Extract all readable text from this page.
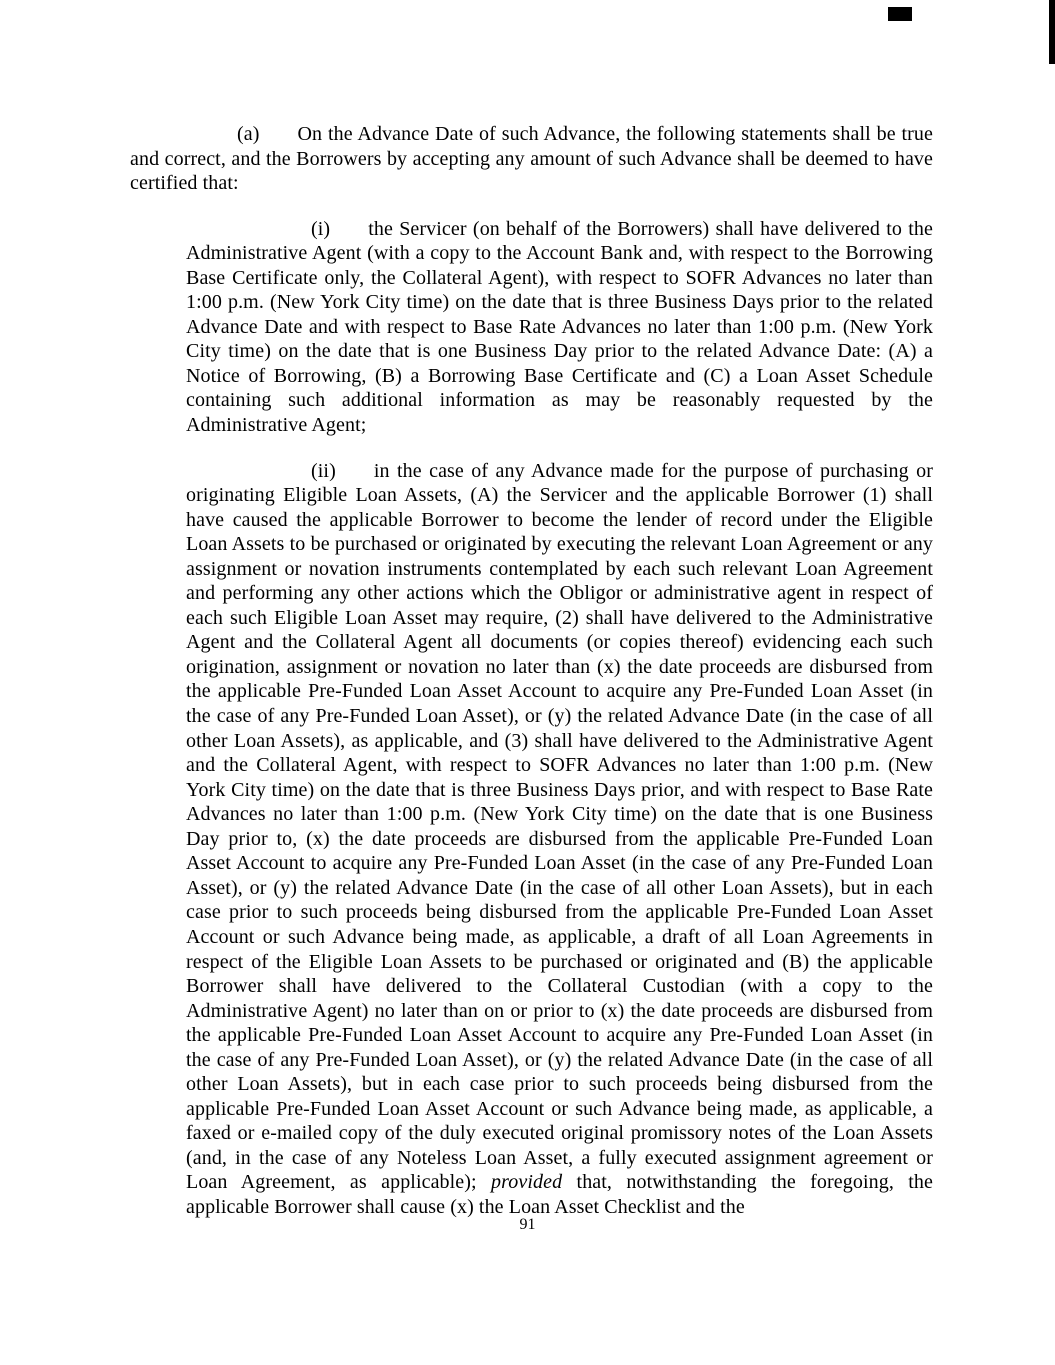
(a) On the Advance Date of such Advance, the following statements shall be true and correct, and the Borrowers by accepting any amount of such Advance shall be deemed to have certified that:

(i) the Servicer (on behalf of the Borrowers) shall have delivered to the Administrative Agent (with a copy to the Account Bank and, with respect to the Borrowing Base Certificate only, the Collateral Agent), with respect to SOFR Advances no later than 1:00 p.m. (New York City time) on the date that is three Business Days prior to the related Advance Date and with respect to Base Rate Advances no later than 1:00 p.m. (New York City time) on the date that is one Business Day prior to the related Advance Date: (A) a Notice of Borrowing, (B) a Borrowing Base Certificate and (C) a Loan Asset Schedule containing such additional information as may be reasonably requested by the Administrative Agent;

(ii) in the case of any Advance made for the purpose of purchasing or originating Eligible Loan Assets, (A) the Servicer and the applicable Borrower (1) shall have caused the applicable Borrower to become the lender of record under the Eligible Loan Assets to be purchased or originated by executing the relevant Loan Agreement or any assignment or novation instruments contemplated by each such relevant Loan Agreement and performing any other actions which the Obligor or administrative agent in respect of each such Eligible Loan Asset may require, (2) shall have delivered to the Administrative Agent and the Collateral Agent all documents (or copies thereof) evidencing each such origination, assignment or novation no later than (x) the date proceeds are disbursed from the applicable Pre-Funded Loan Asset Account to acquire any Pre-Funded Loan Asset (in the case of any Pre-Funded Loan Asset), or (y) the related Advance Date (in the case of all other Loan Assets), as applicable, and (3) shall have delivered to the Administrative Agent and the Collateral Agent, with respect to SOFR Advances no later than 1:00 p.m. (New York City time) on the date that is three Business Days prior, and with respect to Base Rate Advances no later than 1:00 p.m. (New York City time) on the date that is one Business Day prior to, (x) the date proceeds are disbursed from the applicable Pre-Funded Loan Asset Account to acquire any Pre-Funded Loan Asset (in the case of any Pre-Funded Loan Asset), or (y) the related Advance Date (in the case of all other Loan Assets), but in each case prior to such proceeds being disbursed from the applicable Pre-Funded Loan Asset Account or such Advance being made, as applicable, a draft of all Loan Agreements in respect of the Eligible Loan Assets to be purchased or originated and (B) the applicable Borrower shall have delivered to the Collateral Custodian (with a copy to the Administrative Agent) no later than on or prior to (x) the date proceeds are disbursed from the applicable Pre-Funded Loan Asset Account to acquire any Pre-Funded Loan Asset (in the case of any Pre-Funded Loan Asset), or (y) the related Advance Date (in the case of all other Loan Assets), but in each case prior to such proceeds being disbursed from the applicable Pre-Funded Loan Asset Account or such Advance being made, as applicable, a faxed or e-mailed copy of the duly executed original promissory notes of the Loan Assets (and, in the case of any Noteless Loan Asset, a fully executed assignment agreement or Loan Agreement, as applicable); provided that, notwithstanding the foregoing, the applicable Borrower shall cause (x) the Loan Asset Checklist and the

91
